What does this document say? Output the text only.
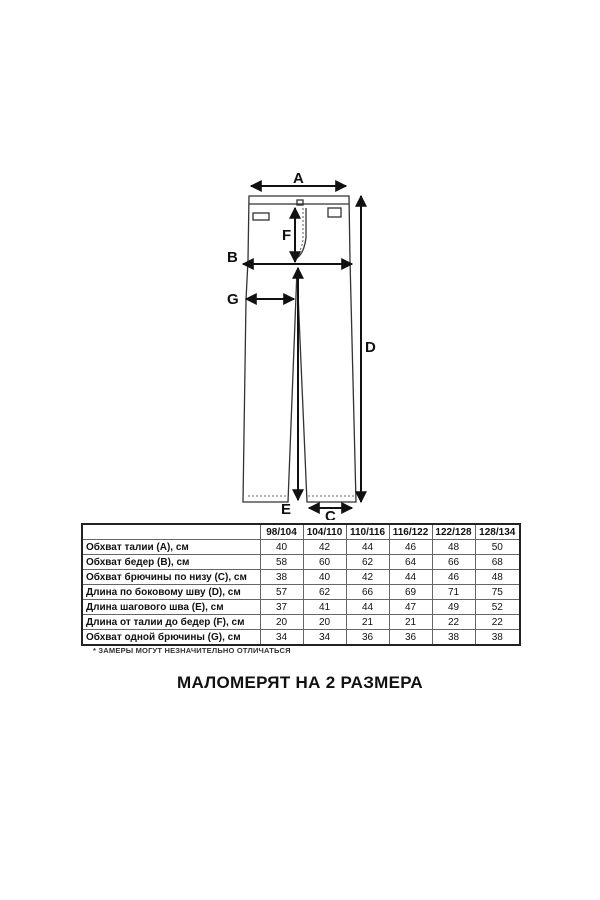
A
B
F
G
D
E C
	98/104	104/110	110/116	116/122	122/128	128/134
Обхват талии (А), см	40	42	44	46	48	50
Обхват бедер (B), см	58	60	62	64	66	68
Обхват брючины по низу (C), см	38	40	42	44	46	48
Длина по боковому шву (D), см	57	62	66	69	71	75
Длина шагового шва (E), см	37	41	44	47	49	52
Длина от талии до бедер (F), см	20	20	21	21	22	22
Обхват одной брючины (G), см	34	34	36	36	38	38
* ЗАМЕРЫ МОГУТ НЕЗНАЧИТЕЛЬНО ОТЛИЧАТЬСЯ
МАЛОМЕРЯТ НА 2 РАЗМЕРА
